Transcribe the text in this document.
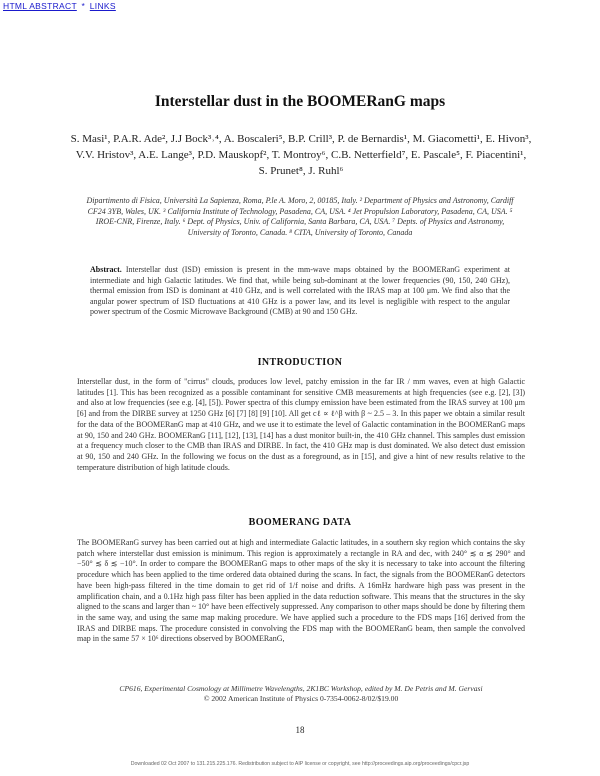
HTML ABSTRACT * LINKS
Interstellar dust in the BOOMERanG maps
S. Masi¹, P.A.R. Ade², J.J Bock³˒⁴, A. Boscaleri⁵, B.P. Crill³, P. de Bernardis¹, M. Giacometti¹, E. Hivon³, V.V. Hristov³, A.E. Lange³, P.D. Mauskopf², T. Montroy⁶, C.B. Netterfield⁷, E. Pascale⁵, F. Piacentini¹, S. Prunet⁸, J. Ruhl⁶
Dipartimento di Fisica, Università La Sapienza, Roma, P.le A. Moro, 2, 00185, Italy. ² Department of Physics and Astronomy, Cardiff CF24 3YB, Wales, UK. ³ California Institute of Technology, Pasadena, CA, USA. ⁴ Jet Propulsion Laboratory, Pasadena, CA, USA. ⁵ IROE-CNR, Firenze, Italy. ⁶ Dept. of Physics, Univ. of California, Santa Barbara, CA, USA. ⁷ Depts. of Physics and Astronomy, University of Toronto, Canada. ⁸ CITA, University of Toronto, Canada
Abstract. Interstellar dust (ISD) emission is present in the mm-wave maps obtained by the BOOMERanG experiment at intermediate and high Galactic latitudes. We find that, while being sub-dominant at the lower frequencies (90, 150, 240 GHz), thermal emission from ISD is dominant at 410 GHz, and is well correlated with the IRAS map at 100 μm. We find also that the angular power spectrum of ISD fluctuations at 410 GHz is a power law, and its level is negligible with respect to the angular power spectrum of the Cosmic Microwave Background (CMB) at 90 and 150 GHz.
INTRODUCTION
Interstellar dust, in the form of "cirrus" clouds, produces low level, patchy emission in the far IR / mm waves, even at high Galactic latitudes [1]. This has been recognized as a possible contaminant for sensitive CMB measurements at high frequencies (see e.g. [2], [3]) and also at low frequencies (see e.g. [4], [5]). Power spectra of this clumpy emission have been estimated from the IRAS survey at 100 μm [6] and from the DIRBE survey at 1250 GHz [6] [7] [8] [9] [10]. All get cℓ ∝ ℓ^β with β ~ 2.5 – 3. In this paper we obtain a similar result for the data of the BOOMERanG map at 410 GHz, and we use it to estimate the level of Galactic contamination in the BOOMERanG maps at 90, 150 and 240 GHz. BOOMERanG [11], [12], [13], [14] has a dust monitor built-in, the 410 GHz channel. This samples dust emission at a frequency much closer to the CMB than IRAS and DIRBE. In fact, the 410 GHz map is dust dominated. We also detect dust emission at 90, 150 and 240 GHz. In the following we focus on the dust as a foreground, as in [15], and give a hint of new results relative to the temperature distribution of high latitude clouds.
BOOMERANG DATA
The BOOMERanG survey has been carried out at high and intermediate Galactic latitudes, in a southern sky region which contains the sky patch where interstellar dust emission is minimum. This region is approximately a rectangle in RA and dec, with 240° ≲ α ≲ 290° and −50° ≲ δ ≲ −10°. In order to compare the BOOMERanG maps to other maps of the sky it is necessary to take into account the filtering procedure which has been applied to the time ordered data obtained during the scans. In fact, the signals from the BOOMERanG detectors have been high-pass filtered in the time domain to get rid of 1/f noise and drifts. A 16mHz hardware high pass was present in the amplification chain, and a 0.1Hz high pass filter has been applied in the data reduction software. This means that the structures in the sky aligned to the scans and larger than ~ 10° have been effectively suppressed. Any comparison to other maps should be done by filtering them in the same way, and using the same map making procedure. We have applied such a procedure to the FDS maps [16] derived from the IRAS and DIRBE maps. The procedure consisted in convolving the FDS map with the BOOMERanG beam, then sample the convolved map in the same 57 × 10⁶ directions observed by BOOMERanG,
CP616, Experimental Cosmology at Millimetre Wavelengths, 2K1BC Workshop, edited by M. De Petris and M. Gervasi
© 2002 American Institute of Physics 0-7354-0062-8/02/$19.00
18
Downloaded 02 Oct 2007 to 131.215.225.176. Redistribution subject to AIP license or copyright, see http://proceedings.aip.org/proceedings/cpcr.jsp
